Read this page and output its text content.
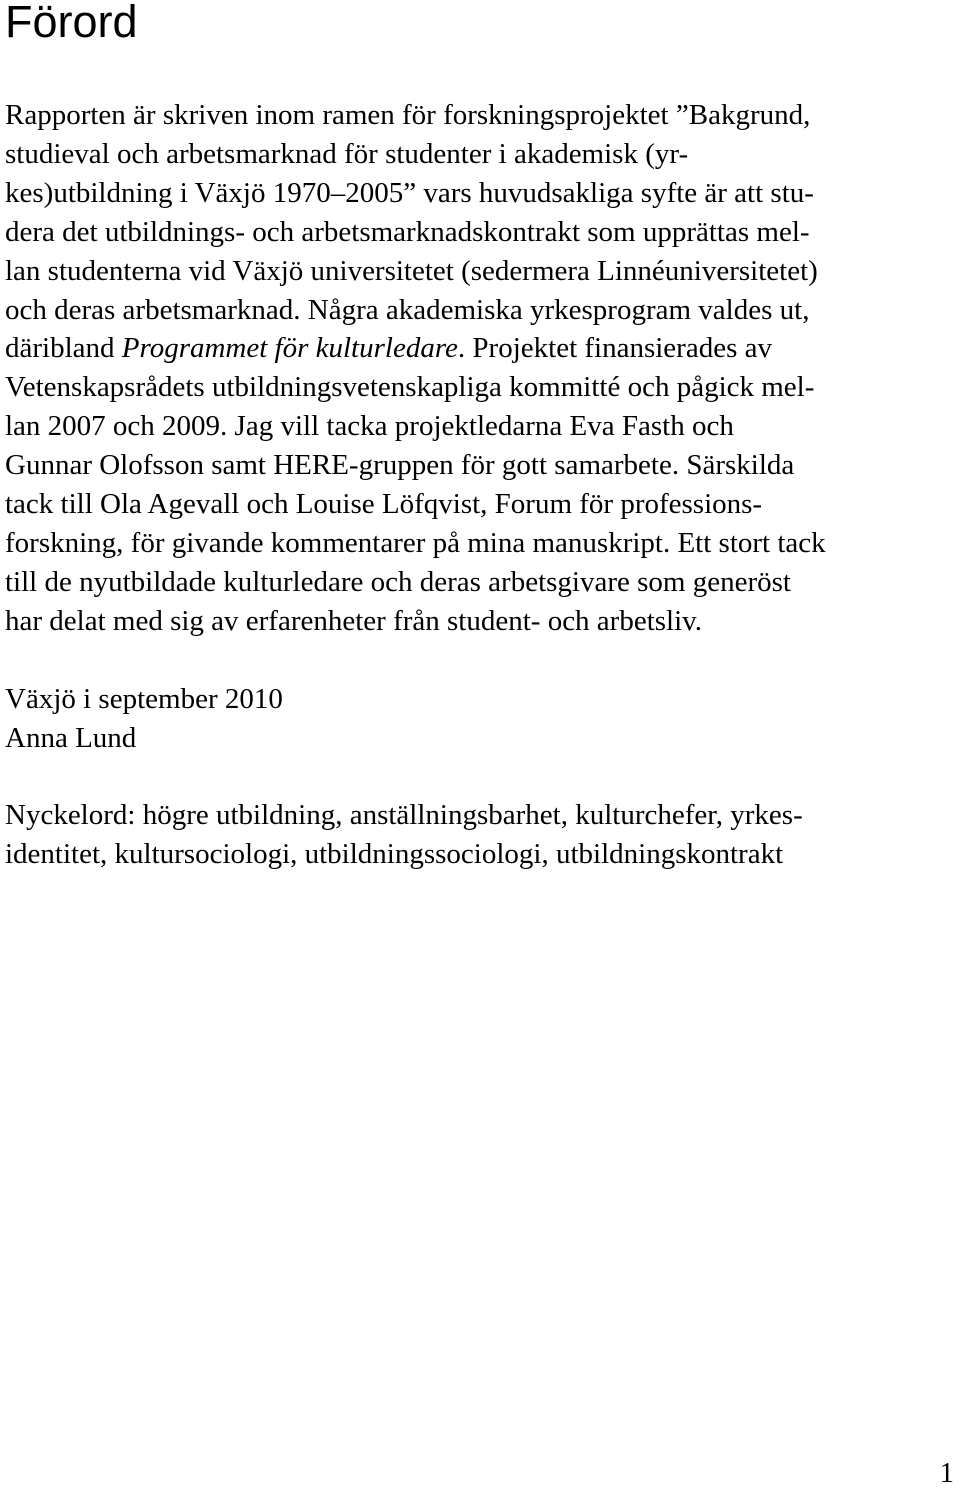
Förord

Rapporten är skriven inom ramen för forskningsprojektet ”Bakgrund,
studieval och arbetsmarknad för studenter i akademisk (yr-
kes)utbildning i Växjö 1970–2005” vars huvudsakliga syfte är att stu-
dera det utbildnings- och arbetsmarknadskontrakt som upprättas mel-
lan studenterna vid Växjö universitetet (sedermera Linnéuniversitetet)
och deras arbetsmarknad. Några akademiska yrkesprogram valdes ut,
däribland Programmet för kulturledare. Projektet finansierades av
Vetenskapsrådets utbildningsvetenskapliga kommitté och pågick mel-
lan 2007 och 2009. Jag vill tacka projektledarna Eva Fasth och
Gunnar Olofsson samt HERE-gruppen för gott samarbete. Särskilda
tack till Ola Agevall och Louise Löfqvist, Forum för professions-
forskning, för givande kommentarer på mina manuskript. Ett stort tack
till de nyutbildade kulturledare och deras arbetsgivare som generöst
har delat med sig av erfarenheter från student- och arbetsliv.

Växjö i september 2010
Anna Lund
Nyckelord: högre utbildning, anställningsbarhet, kulturchefer, yrkes-
identitet, kultursociologi, utbildningssociologi, utbildningskontrakt
1
